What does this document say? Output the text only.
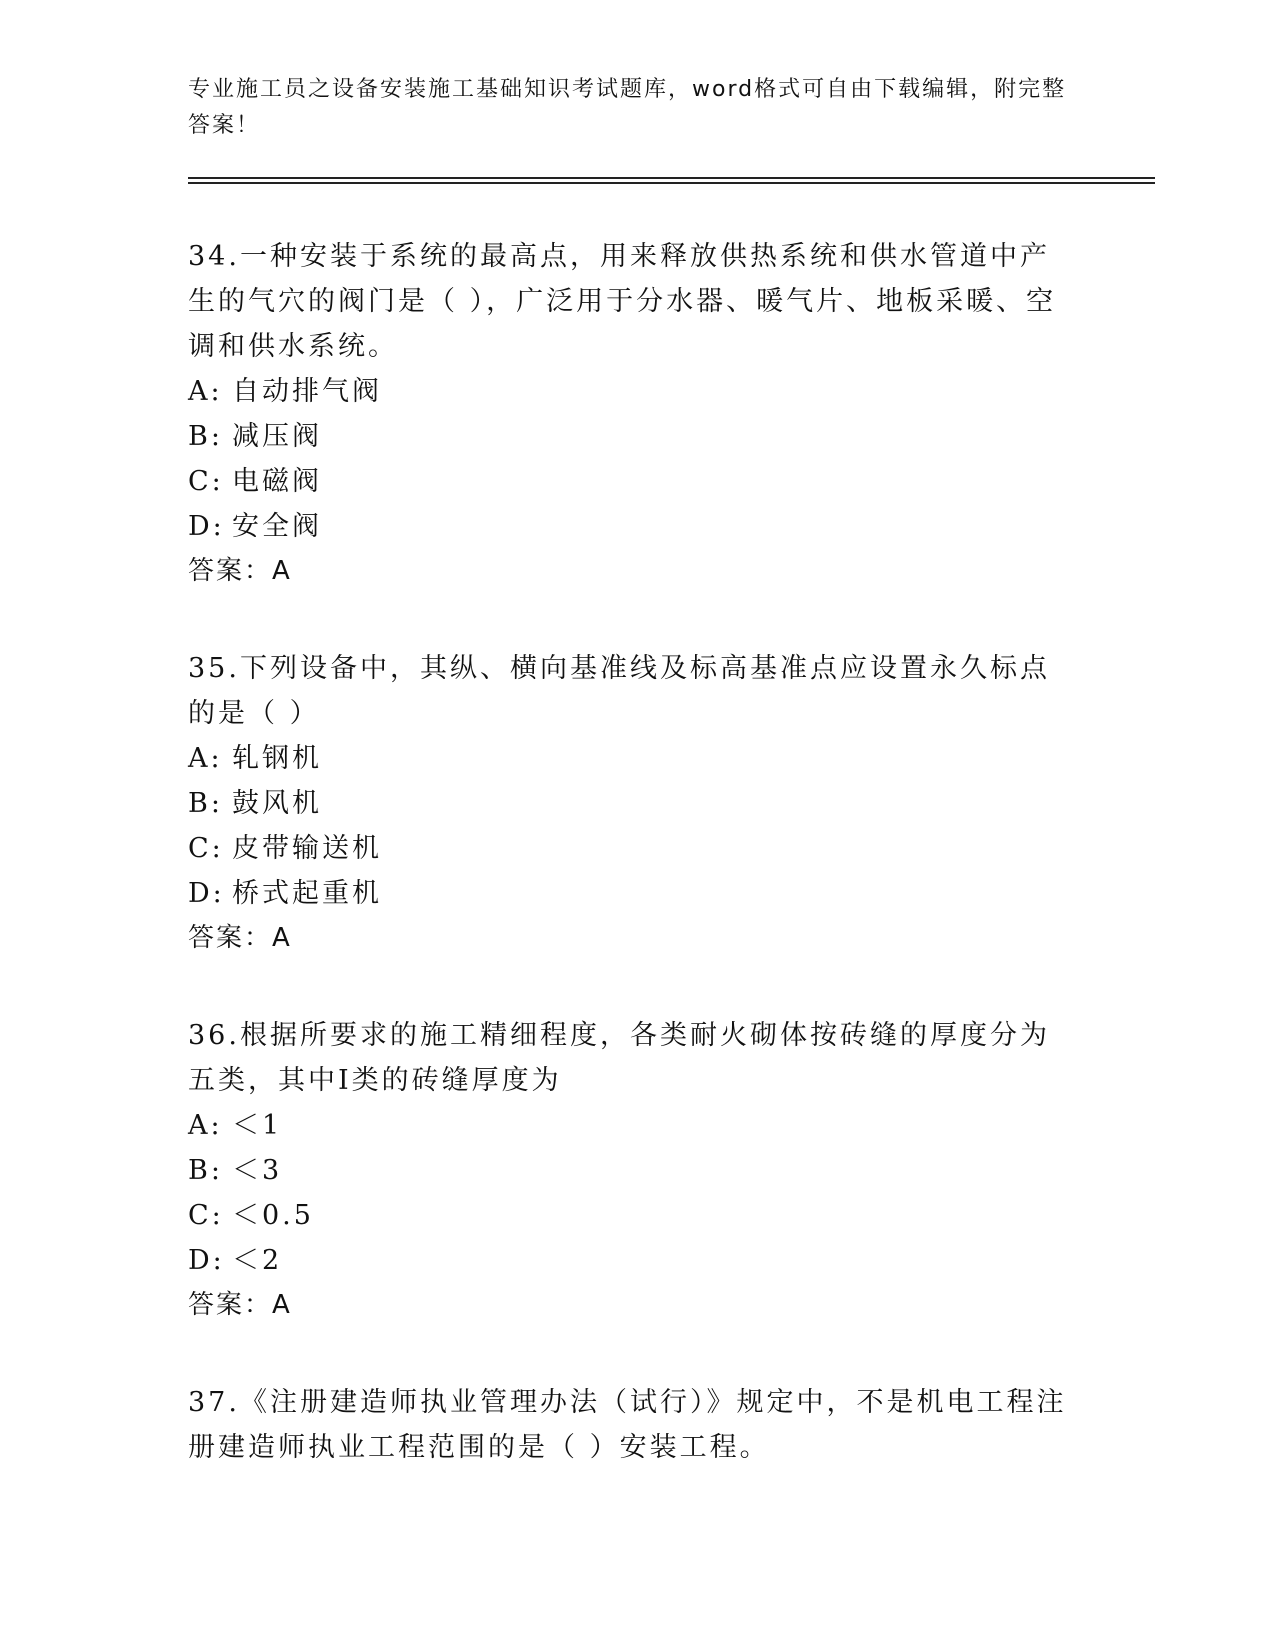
专业施工员之设备安装施工基础知识考试题库，word格式可自由下载编辑，附完整答案！

34.一种安装于系统的最高点，用来释放供热系统和供水管道中产生的气穴的阀门是（ ），广泛用于分水器、暖气片、地板采暖、空调和供水系统。

A: 自动排气阀

B: 减压阀

C: 电磁阀

D: 安全阀

答案：A

35.下列设备中，其纵、横向基准线及标高基准点应设置永久标点的是（ ）

A: 轧钢机

B: 鼓风机

C: 皮带输送机

D: 桥式起重机

答案：A

36.根据所要求的施工精细程度，各类耐火砌体按砖缝的厚度分为五类，其中Ⅰ类的砖缝厚度为

A: ＜1

B: ＜3

C: ＜0.5

D: ＜2

答案：A

37.《注册建造师执业管理办法（试行）》规定中，不是机电工程注册建造师执业工程范围的是（ ）安装工程。
